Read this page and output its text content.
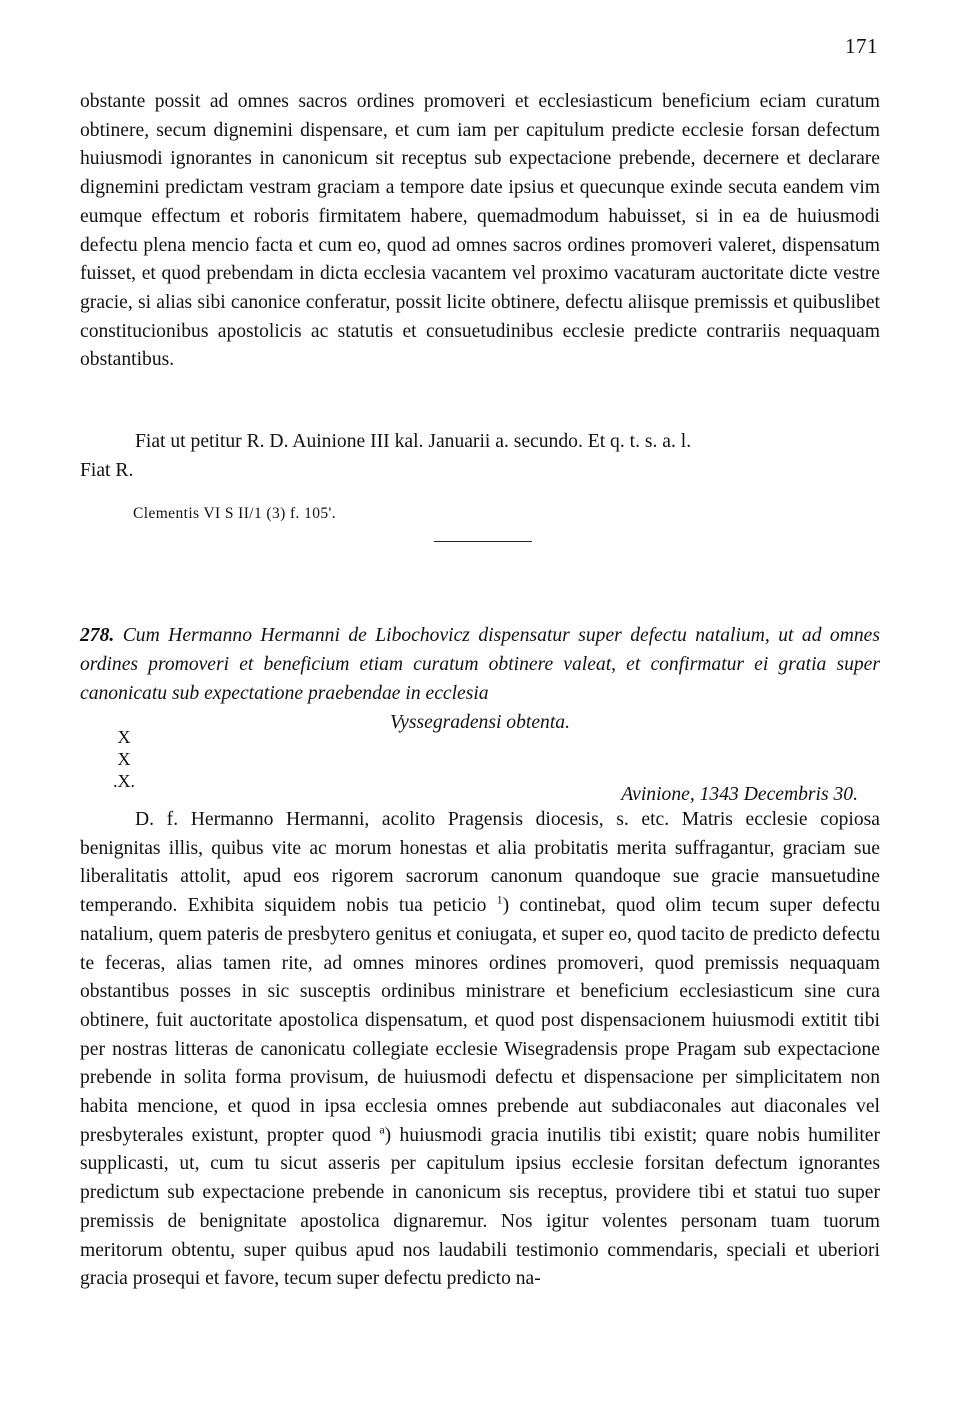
171
obstante possit ad omnes sacros ordines promoveri et ecclesiasticum beneficium eciam curatum obtinere, secum dignemini dispensare, et cum iam per capitulum predicte ecclesie forsan defectum huiusmodi ignorantes in canonicum sit receptus sub expectacione prebende, decernere et declarare dignemini predictam vestram graciam a tempore date ipsius et quecunque exinde secuta eandem vim eumque effectum et roboris firmitatem habere, quemadmodum habuisset, si in ea de huiusmodi defectu plena mencio facta et cum eo, quod ad omnes sacros ordines promoveri valeret, dispensatum fuisset, et quod prebendam in dicta ecclesia vacantem vel proximo vacaturam auctoritate dicte vestre gracie, si alias sibi canonice conferatur, possit licite obtinere, defectu aliisque premissis et quibuslibet constitucionibus apostolicis ac statutis et consuetudinibus ecclesie predicte contrariis nequaquam obstantibus.
Fiat ut petitur R. D. Auinione III kal. Januarii a. secundo. Et q. t. s. a. l.
Fiat R.
Clementis VI S II/1 (3) f. 105'.
278. Cum Hermanno Hermanni de Libochovicz dispensatur super defectu natalium, ut ad omnes ordines promoveri et beneficium etiam curatum obtinere valeat, et confirmatur ei gratia super canonicatu sub expectatione praebendae in ecclesia
Vyssegradensi obtenta.
X
X
.X.
Avinione, 1343 Decembris 30.
D. f. Hermanno Hermanni, acolito Pragensis diocesis, s. etc. Matris ecclesie copiosa benignitas illis, quibus vite ac morum honestas et alia probitatis merita suffragantur, graciam sue liberalitatis attolit, apud eos rigorem sacrorum canonum quandoque sue gracie mansuetudine temperando. Exhibita siquidem nobis tua peticio $^1$) continebat, quod olim tecum super defectu natalium, quem pateris de presbytero genitus et coniugata, et super eo, quod tacito de predicto defectu te feceras, alias tamen rite, ad omnes minores ordines promoveri, quod premissis nequaquam obstantibus posses in sic susceptis ordinibus ministrare et beneficium ecclesiasticum sine cura obtinere, fuit auctoritate apostolica dispensatum, et quod post dispensacionem huiusmodi extitit tibi per nostras litteras de canonicatu collegiate ecclesie Wisegradensis prope Pragam sub expectacione prebende in solita forma provisum, de huiusmodi defectu et dispensacione per simplicitatem non habita mencione, et quod in ipsa ecclesia omnes prebende aut subdiaconales aut diaconales vel presbyterales existunt, propter quod $^a$) huiusmodi gracia inutilis tibi existit; quare nobis humiliter supplicasti, ut, cum tu sicut asseris per capitulum ipsius ecclesie forsitan defectum ignorantes predictum sub expectacione prebende in canonicum sis receptus, providere tibi et statui tuo super premissis de benignitate apostolica dignaremur. Nos igitur volentes personam tuam tuorum meritorum obtentu, super quibus apud nos laudabili testimonio commendaris, speciali et uberiori gracia prosequi et favore, tecum super defectu predicto na-
